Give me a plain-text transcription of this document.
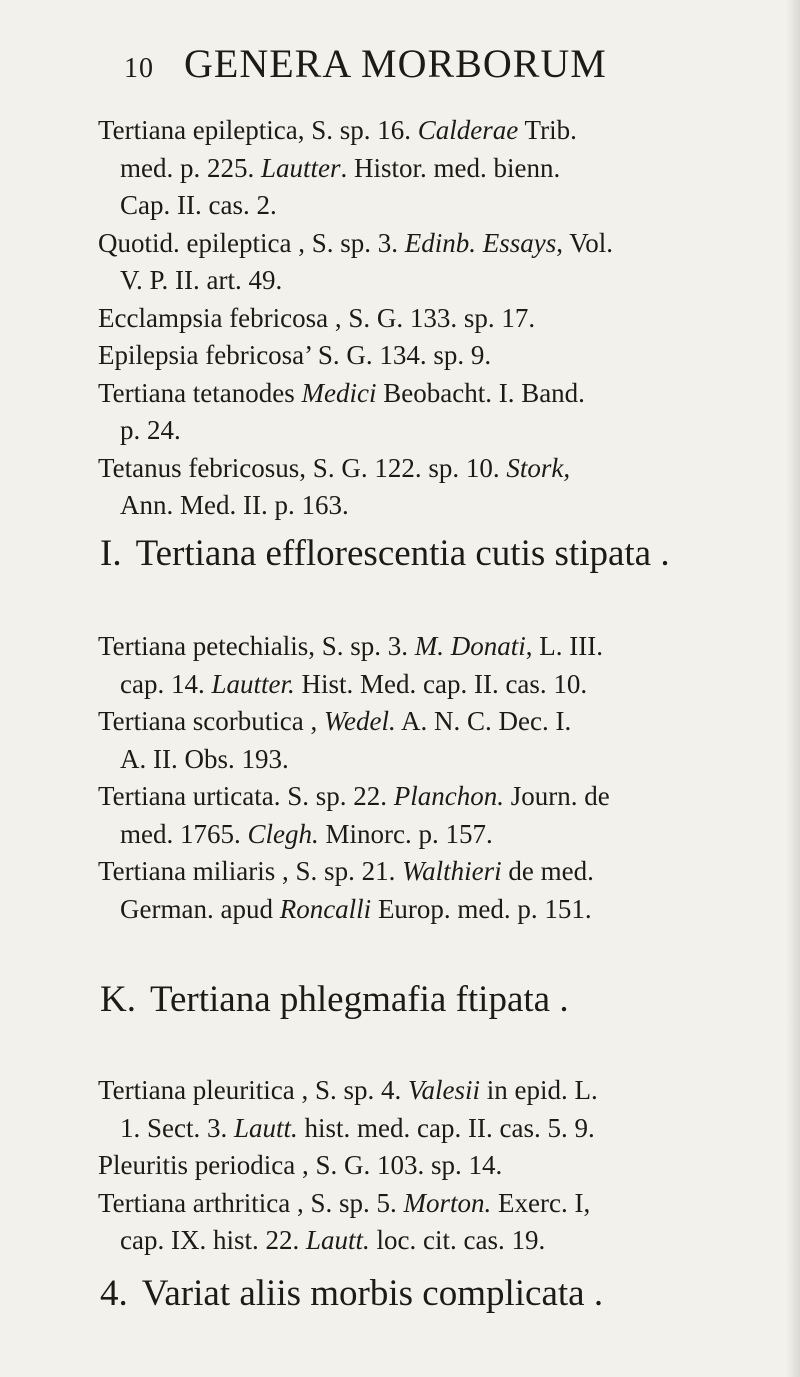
10 GENERA MORBORUM
Tertiana epileptica, S. sp. 16. Calderae Trib.
med. p. 225. Lautter. Histor. med. bienn.
Cap. II. cas. 2.
Quotid. epileptica , S. sp. 3. Edinb. Essays, Vol.
V. P. II. art. 49.
Ecclampsia febricosa , S. G. 133. sp. 17.
Epilepsia febricosa’ S. G. 134. sp. 9.
Tertiana tetanodes Medici Beobacht. I. Band.
p. 24.
Tetanus febricosus, S. G. 122. sp. 10. Stork,
Ann. Med. II. p. 163.
I. Tertiana efflorescentia cutis stipata .
Tertiana petechialis, S. sp. 3. M. Donati, L. III.
cap. 14. Lautter. Hist. Med. cap. II. cas. 10.
Tertiana scorbutica , Wedel. A. N. C. Dec. I.
A. II. Obs. 193.
Tertiana urticata. S. sp. 22. Planchon. Journ. de
med. 1765. Clegh. Minorc. p. 157.
Tertiana miliaris , S. sp. 21. Walthieri de med.
German. apud Roncalli Europ. med. p. 151.
K. Tertiana phlegmafia ftipata .
Tertiana pleuritica , S. sp. 4. Valesii in epid. L.
1. Sect. 3. Lautt. hist. med. cap. II. cas. 5. 9.
Pleuritis periodica , S. G. 103. sp. 14.
Tertiana arthritica , S. sp. 5. Morton. Exerc. I,
cap. IX. hist. 22. Lautt. loc. cit. cas. 19.
4. Variat aliis morbis complicata .
